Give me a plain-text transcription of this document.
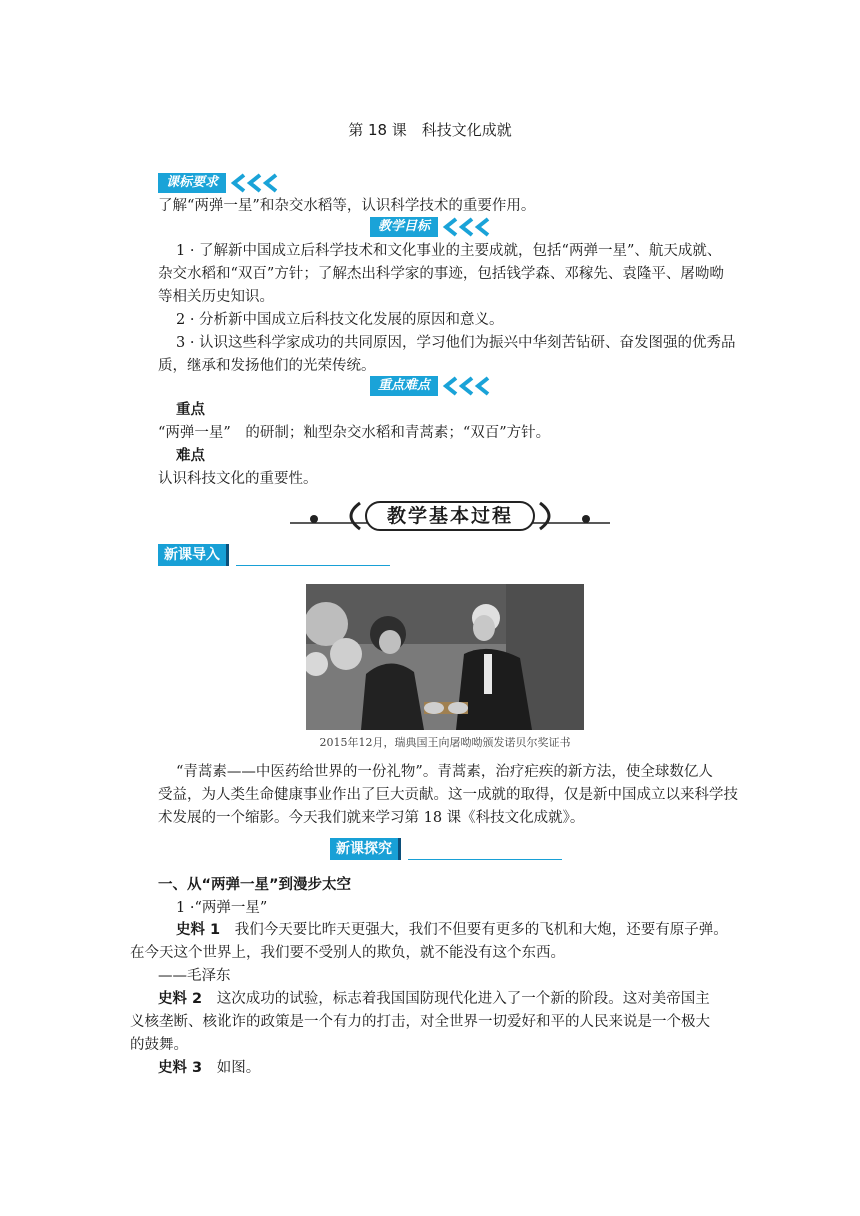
第 18 课　科技文化成就
课标要求
了解“两弹一星”和杂交水稻等，认识科学技术的重要作用。
教学目标
1 · 了解新中国成立后科学技术和文化事业的主要成就，包括“两弹一星”、航天成就、
杂交水稻和“双百”方针；了解杰出科学家的事迹，包括钱学森、邓稼先、袁隆平、屠呦呦
等相关历史知识。
2 · 分析新中国成立后科技文化发展的原因和意义。
3 · 认识这些科学家成功的共同原因，学习他们为振兴中华刻苦钻研、奋发图强的优秀品
质，继承和发扬他们的光荣传统。
重点难点
重点
“两弹一星”　的研制；籼型杂交水稻和青蒿素；“双百”方针。
难点
认识科技文化的重要性。
教学基本过程
新课导入
2015年12月，瑞典国王向屠呦呦颁发诺贝尔奖证书
“青蒿素——中医药给世界的一份礼物”。青蒿素，治疗疟疾的新方法，使全球数亿人
受益，为人类生命健康事业作出了巨大贡献。这一成就的取得，仅是新中国成立以来科学技
术发展的一个缩影。今天我们就来学习第 18 课《科技文化成就》。
新课探究
一、从“两弹一星”到漫步太空
1 ·“两弹一星”
史料 1 我们今天要比昨天更强大，我们不但要有更多的飞机和大炮，还要有原子弹。
在今天这个世界上，我们要不受别人的欺负，就不能没有这个东西。
——毛泽东
史料 2 这次成功的试验，标志着我国国防现代化进入了一个新的阶段。这对美帝国主
义核垄断、核讹诈的政策是一个有力的打击，对全世界一切爱好和平的人民来说是一个极大
的鼓舞。
史料 3 如图。
